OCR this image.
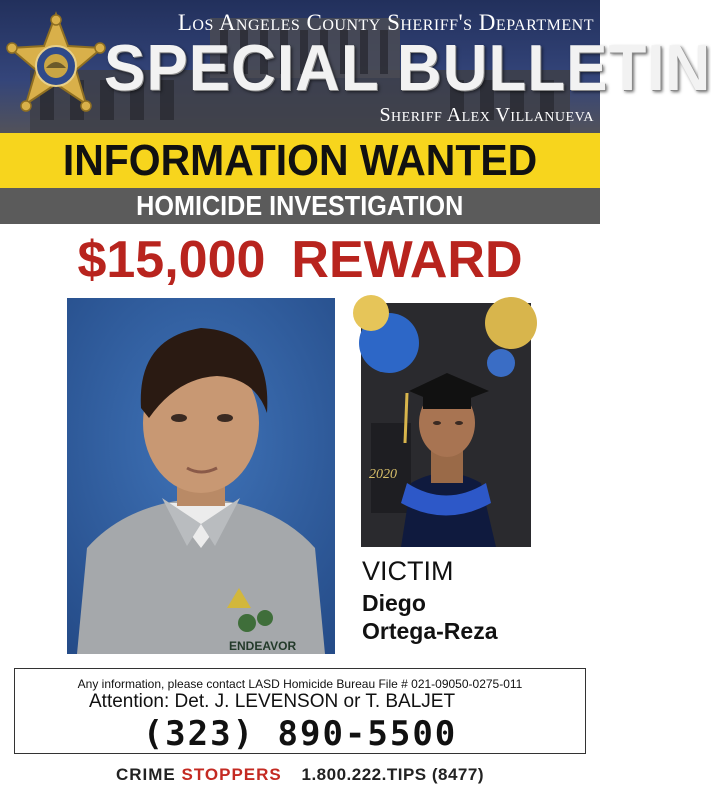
Los Angeles County Sheriff's Department
SPECIAL BULLETIN
Sheriff Alex Villanueva
INFORMATION WANTED
HOMICIDE INVESTIGATION
$15,000 REWARD
ENDEAVOR
2020
VICTIM
Diego
Ortega-Reza
Any information, please contact LASD Homicide Bureau File # 021-09050-0275-011
Attention: Det. J. LEVENSON or T. BALJET
(323) 890-5500
CRIME STOPPERS 1.800.222.TIPS (8477)
